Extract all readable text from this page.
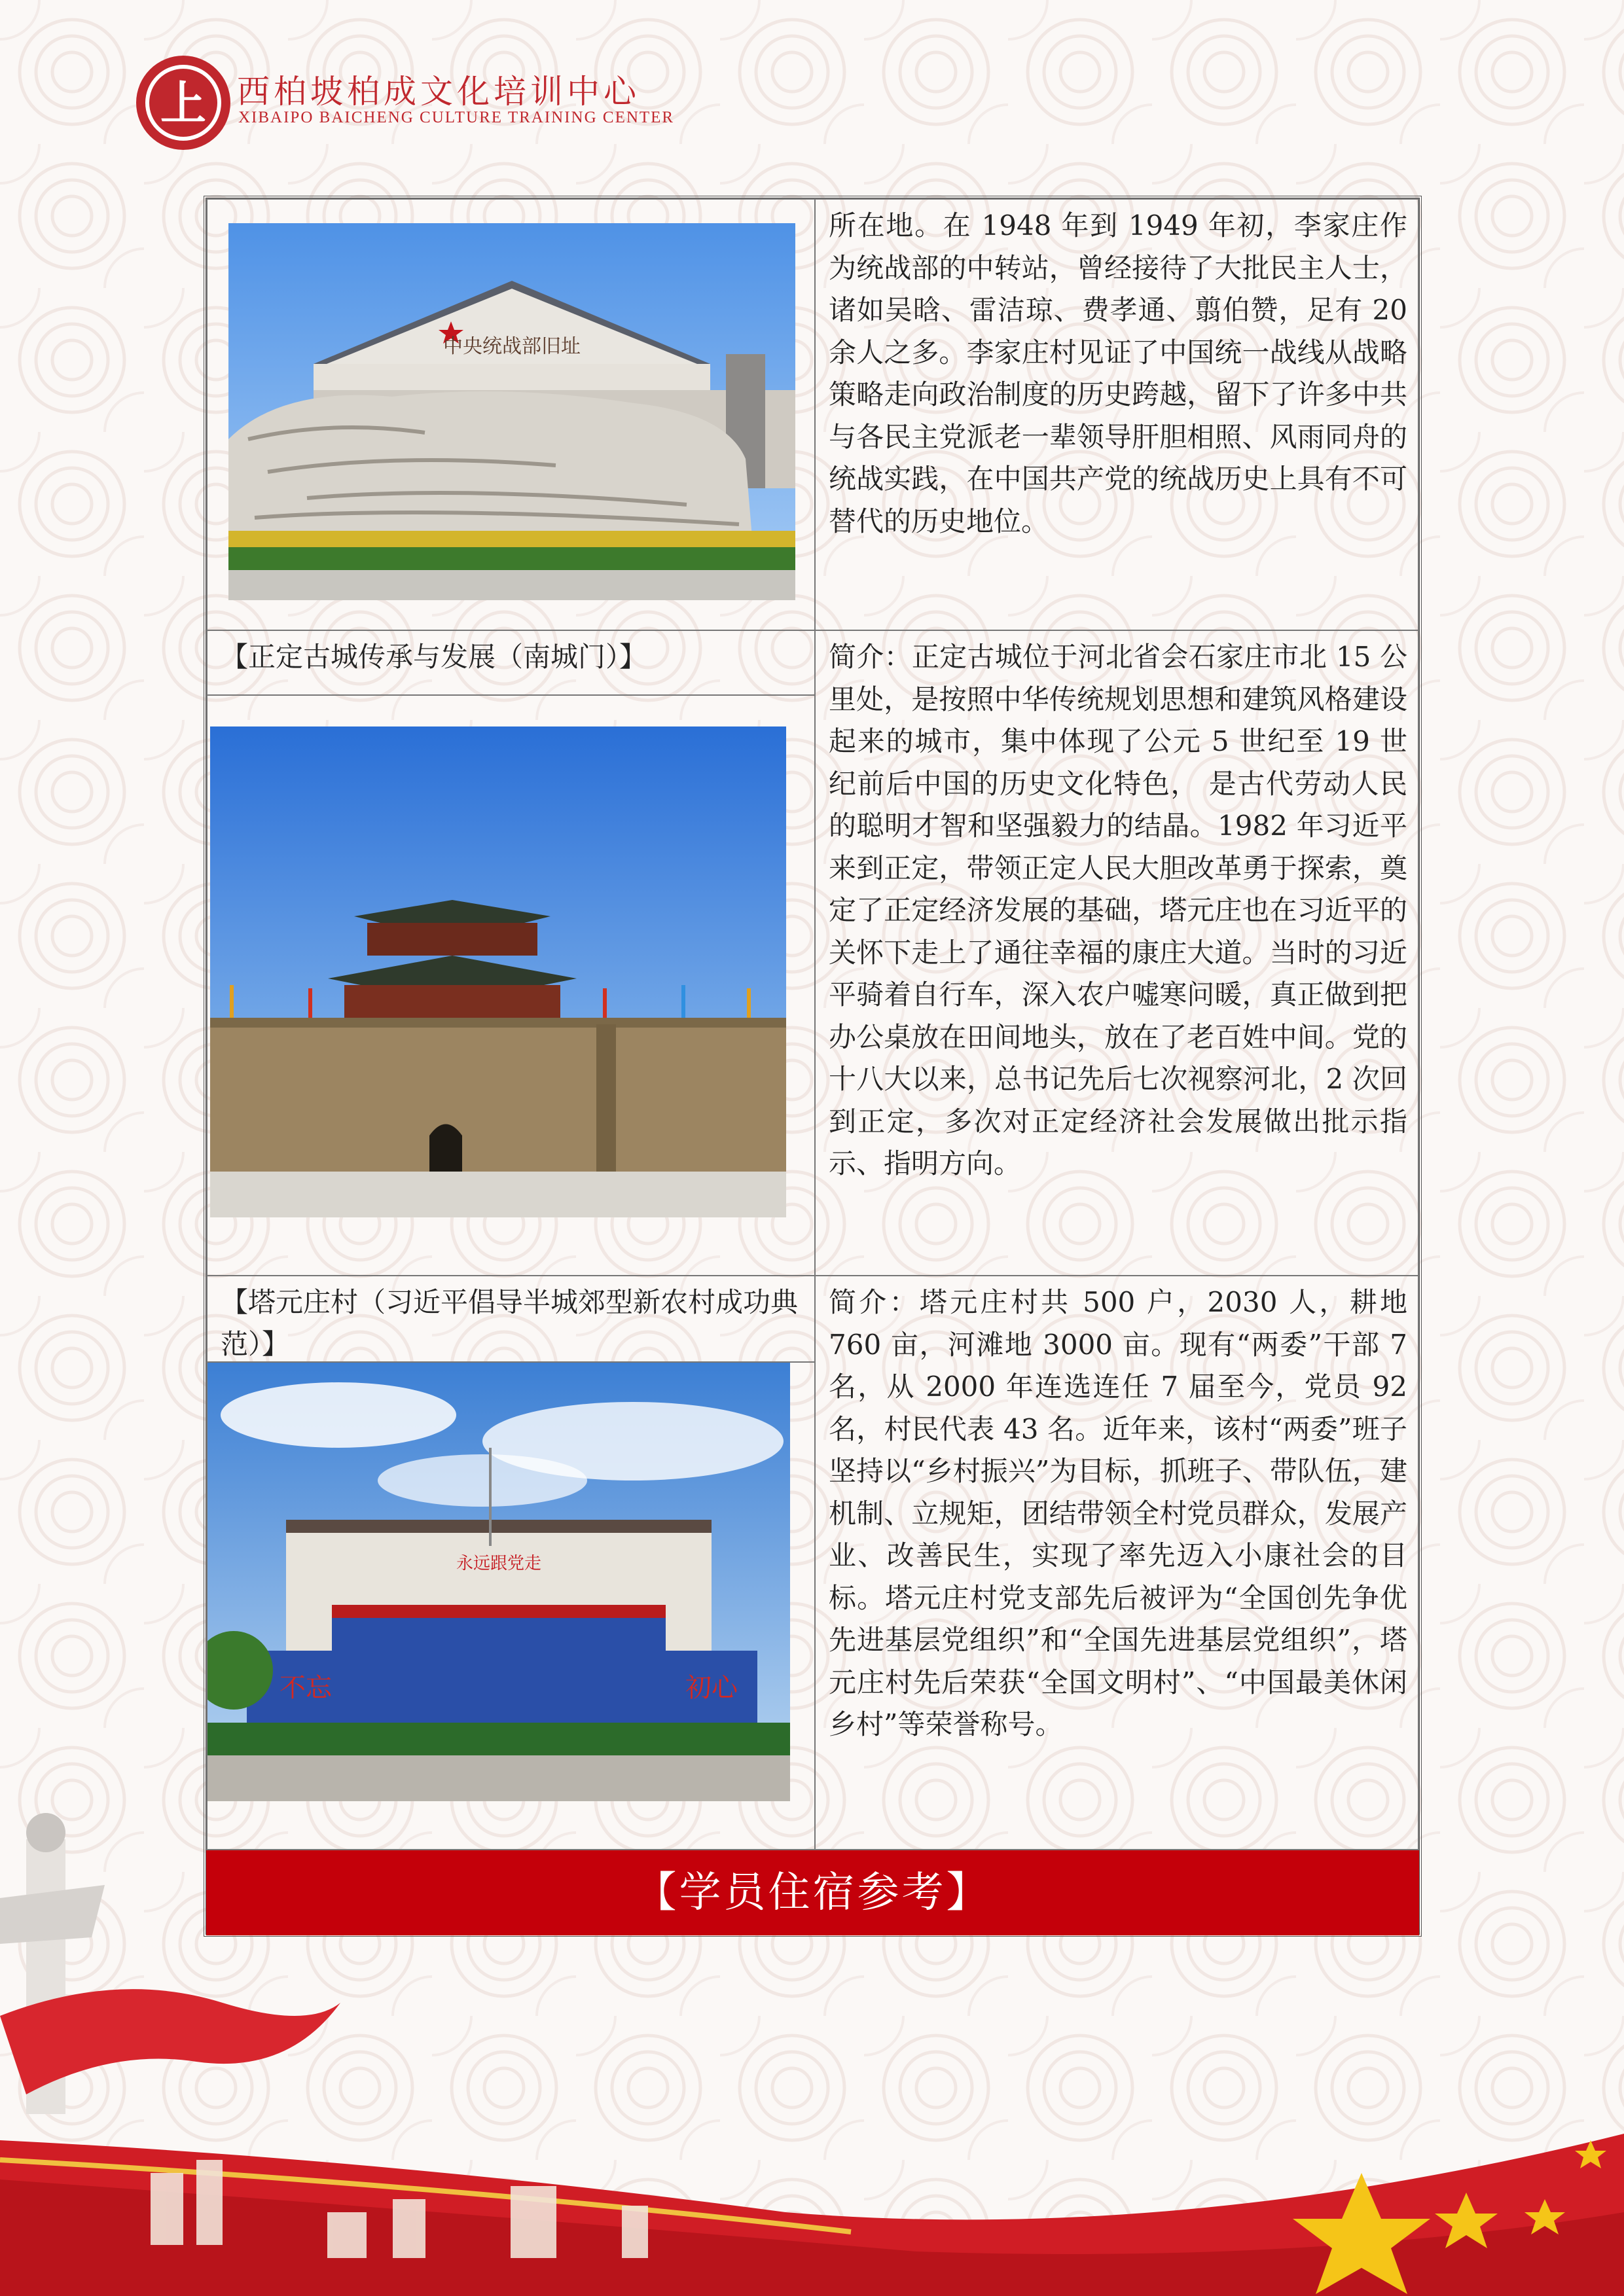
上 西柏坡柏成文化培训中心
XIBAIPO BAICHENG CULTURE TRAINING CENTER
中央统战部旧址
所在地。在 1948 年到 1949 年初，李家庄作为统战部的中转站，曾经接待了大批民主人士，诸如吴晗、雷洁琼、费孝通、翦伯赞，足有 20 余人之多。李家庄村见证了中国统一战线从战略策略走向政治制度的历史跨越，留下了许多中共与各民主党派老一辈领导肝胆相照、风雨同舟的统战实践，在中国共产党的统战历史上具有不可替代的历史地位。
【正定古城传承与发展（南城门）】	简介：正定古城位于河北省会石家庄市北 15 公里处，是按照中华传统规划思想和建筑风格建设起来的城市，集中体现了公元 5 世纪至 19 世纪前后中国的历史文化特色， 是古代劳动人民的聪明才智和坚强毅力的结晶。1982 年习近平来到正定，带领正定人民大胆改革勇于探索，奠定了正定经济发展的基础，塔元庄也在习近平的关怀下走上了通往幸福的康庄大道。当时的习近平骑着自行车，深入农户嘘寒问暖，真正做到把办公桌放在田间地头，放在了老百姓中间。党的十八大以来，总书记先后七次视察河北，2 次回到正定，多次对正定经济社会发展做出批示指示、指明方向。
【塔元庄村（习近平倡导半城郊型新农村成功典范）】
永远跟党走
不忘	初心
简介：塔元庄村共 500 户，2030 人，耕地 760 亩，河滩地 3000 亩。现有“两委”干部 7 名，从 2000 年连选连任 7 届至今，党员 92 名，村民代表 43 名。近年来，该村“两委”班子坚持以“乡村振兴”为目标，抓班子、带队伍，建机制、立规矩，团结带领全村党员群众，发展产业、改善民生，实现了率先迈入小康社会的目标。塔元庄村党支部先后被评为“全国创先争优先进基层党组织”和“全国先进基层党组织”，塔元庄村先后荣获“全国文明村”、“中国最美休闲乡村”等荣誉称号。
【学员住宿参考】
